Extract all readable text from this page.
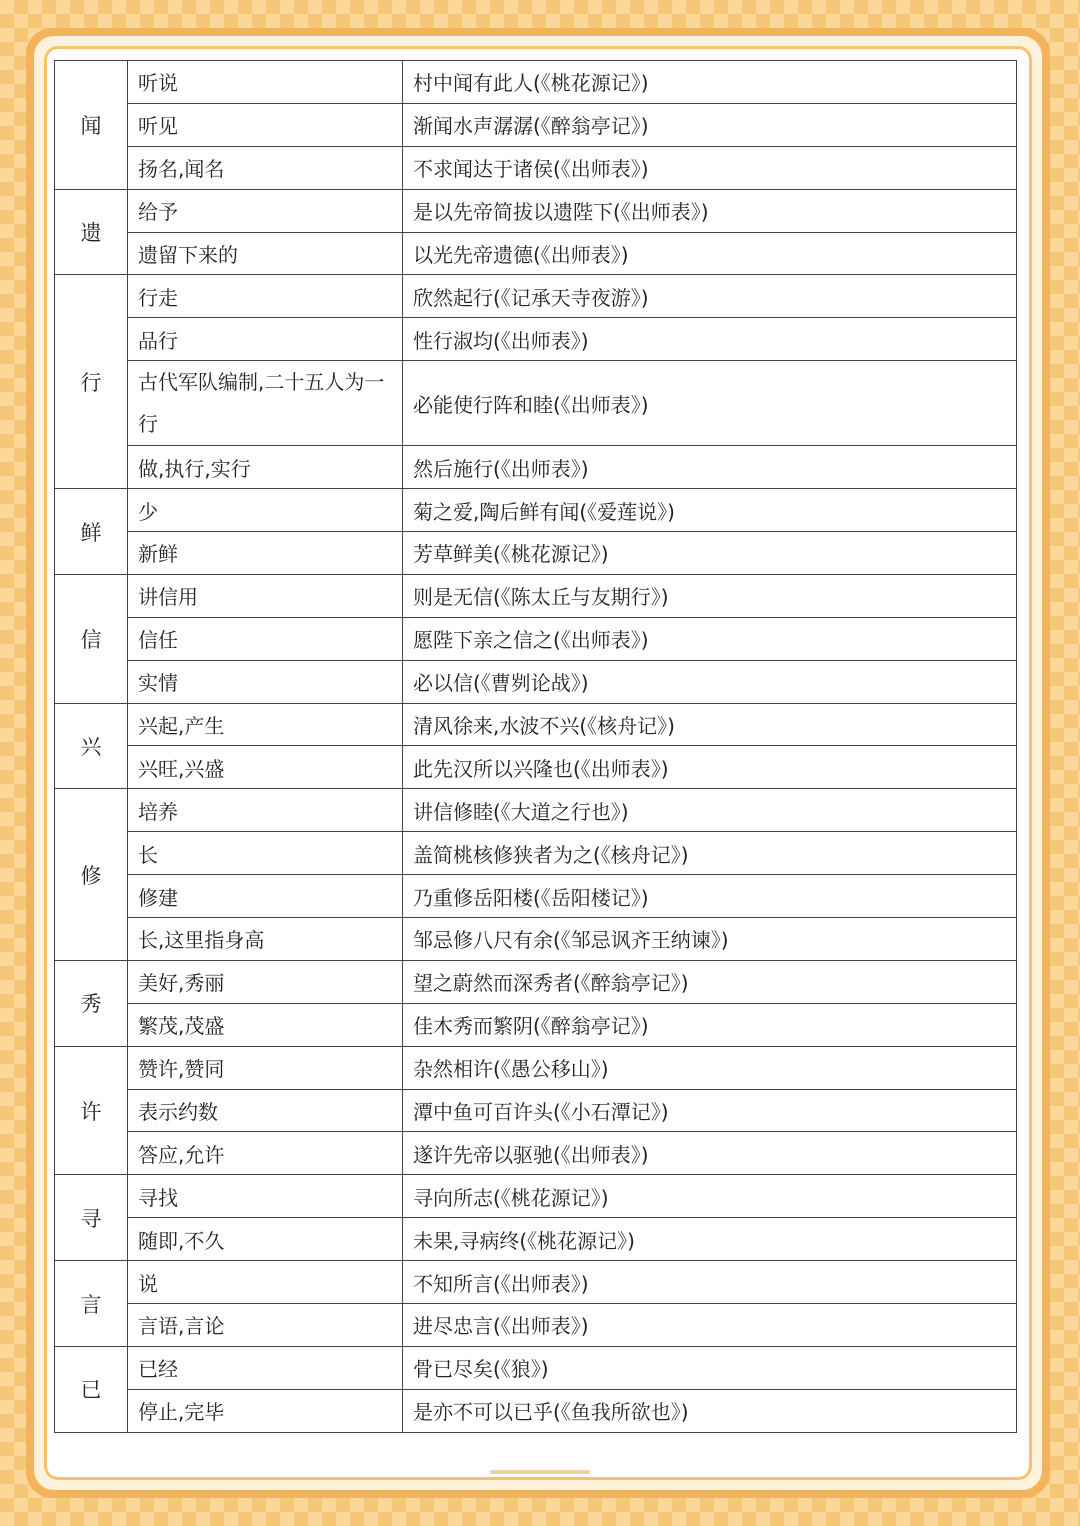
闻	听说	村中闻有此人(《桃花源记》)
	听见	渐闻水声潺潺(《醉翁亭记》)
	扬名,闻名	不求闻达于诸侯(《出师表》)
遗	给予	是以先帝简拔以遗陛下(《出师表》)
	遗留下来的	以光先帝遗德(《出师表》)
行	行走	欣然起行(《记承天寺夜游》)
	品行	性行淑均(《出师表》)
	古代军队编制,二十五人为一行	必能使行阵和睦(《出师表》)
	做,执行,实行	然后施行(《出师表》)
鲜	少	菊之爱,陶后鲜有闻(《爱莲说》)
	新鲜	芳草鲜美(《桃花源记》)
信	讲信用	则是无信(《陈太丘与友期行》)
	信任	愿陛下亲之信之(《出师表》)
	实情	必以信(《曹刿论战》)
兴	兴起,产生	清风徐来,水波不兴(《核舟记》)
	兴旺,兴盛	此先汉所以兴隆也(《出师表》)
修	培养	讲信修睦(《大道之行也》)
	长	盖简桃核修狭者为之(《核舟记》)
	修建	乃重修岳阳楼(《岳阳楼记》)
	长,这里指身高	邹忌修八尺有余(《邹忌讽齐王纳谏》)
秀	美好,秀丽	望之蔚然而深秀者(《醉翁亭记》)
	繁茂,茂盛	佳木秀而繁阴(《醉翁亭记》)
许	赞许,赞同	杂然相许(《愚公移山》)
	表示约数	潭中鱼可百许头(《小石潭记》)
	答应,允许	遂许先帝以驱驰(《出师表》)
寻	寻找	寻向所志(《桃花源记》)
	随即,不久	未果,寻病终(《桃花源记》)
言	说	不知所言(《出师表》)
	言语,言论	进尽忠言(《出师表》)
已	已经	骨已尽矣(《狼》)
	停止,完毕	是亦不可以已乎(《鱼我所欲也》)
